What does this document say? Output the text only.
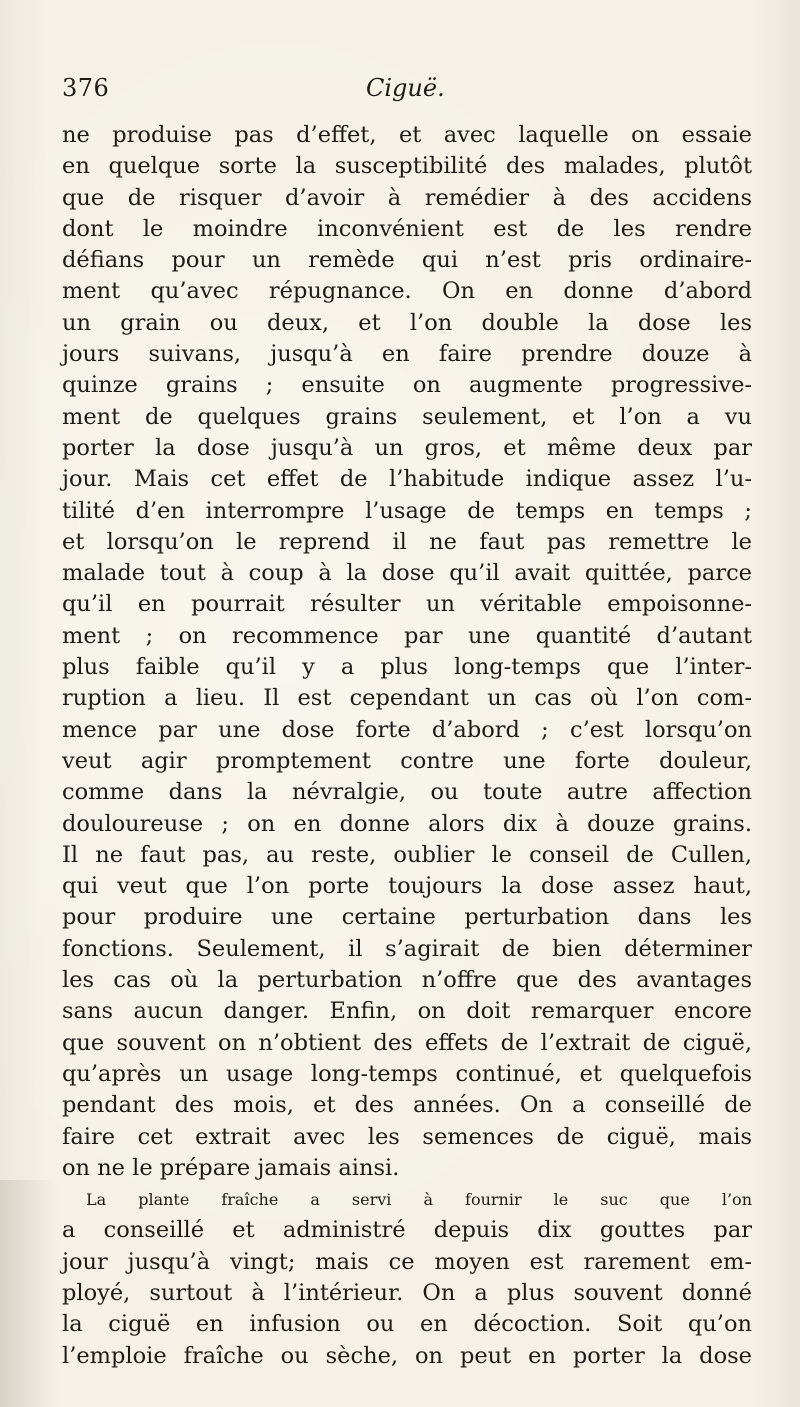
376	Ciguë.
ne produise pas d’effet, et avec laquelle on essaie
en quelque sorte la susceptibilité des malades, plutôt
que de risquer d’avoir à remédier à des accidens
dont le moindre inconvénient est de les rendre
défians pour un remède qui n’est pris ordinaire-
ment qu’avec répugnance. On en donne d’abord
un grain ou deux, et l’on double la dose les
jours suivans, jusqu’à en faire prendre douze à
quinze grains ; ensuite on augmente progressive-
ment de quelques grains seulement, et l’on a vu
porter la dose jusqu’à un gros, et même deux par
jour. Mais cet effet de l’habitude indique assez l’u-
tilité d’en interrompre l’usage de temps en temps ;
et lorsqu’on le reprend il ne faut pas remettre le
malade tout à coup à la dose qu’il avait quittée, parce
qu’il en pourrait résulter un véritable empoisonne-
ment ; on recommence par une quantité d’autant
plus faible qu’il y a plus long-temps que l’inter-
ruption a lieu. Il est cependant un cas où l’on com-
mence par une dose forte d’abord ; c’est lorsqu’on
veut agir promptement contre une forte douleur,
comme dans la névralgie, ou toute autre affection
douloureuse ; on en donne alors dix à douze grains.
Il ne faut pas, au reste, oublier le conseil de Cullen,
qui veut que l’on porte toujours la dose assez haut,
pour produire une certaine perturbation dans les
fonctions. Seulement, il s’agirait de bien déterminer
les cas où la perturbation n’offre que des avantages
sans aucun danger. Enfin, on doit remarquer encore
que souvent on n’obtient des effets de l’extrait de ciguë,
qu’après un usage long-temps continué, et quelquefois
pendant des mois, et des années. On a conseillé de
faire cet extrait avec les semences de ciguë, mais
on ne le prépare jamais ainsi.
La plante fraîche a servi à fournir le suc que l’on
a conseillé et administré depuis dix gouttes par
jour jusqu’à vingt; mais ce moyen est rarement em-
ployé, surtout à l’intérieur. On a plus souvent donné
la ciguë en infusion ou en décoction. Soit qu’on
l’emploie fraîche ou sèche, on peut en porter la dose
